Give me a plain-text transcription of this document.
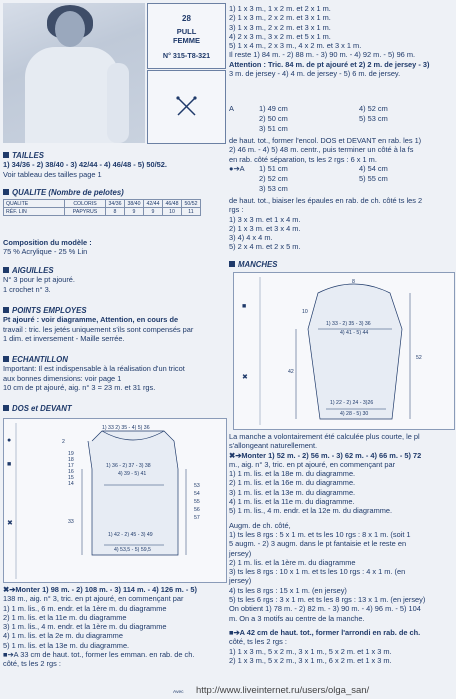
28
PULL
FEMME
N° 315-T8-321
TAILLES
1) 34/36 - 2) 38/40 - 3) 42/44 - 4) 46/48 - 5) 50/52.
Voir tableau des tailles page 1
QUALITE (Nombre de pelotes)
QUALITE	COLORIS	34/36	38/40	42/44	46/48	50/52
RÉF. LIN	PAPYRUS	8	9	9	10	11
Composition du modèle :
75 % Acrylique - 25 % Lin
AIGUILLES
N° 3 pour le pt ajouré.
1 crochet n° 3.
POINTS EMPLOYES
Pt ajouré : voir diagramme, Attention, en cours de
travail : tric. les jetés uniquement s'ils sont compensés par
1 dim. et inversement - Maille serrée.
ECHANTILLON
Important: Il est indispensable à la réalisation d'un tricot
aux bonnes dimensions: voir page 1
10 cm de pt ajouré, aig. n° 3 = 23 m. et 31 rgs.
DOS et DEVANT
✖➔Monter 1) 98 m. - 2) 108 m. - 3) 114 m. - 4) 126 m. - 5)
138 m., aig. n° 3, tric. en pt ajouré, en commençant par
1) 1 m. lis., 6 m. endr. et la 1ère m. du diagramme
2) 1 m. lis. et la 11e m. du diagramme
3) 1 m. lis., 4 m. endr. et la 1ère m. du diagramme
4) 1 m. lis. et la 2e m. du diagramme
5) 1 m. lis. et la 13e m. du diagramme.
■➔A 33 cm de haut. tot., former les emman. en rab. de ch.
côté, ts les 2 rgs :
Avec
●
■
✖
1) 33 2) 35 - 4) 5) 36
2
1) 36 - 2) 37 - 3) 38
4) 39 - 5) 41
1) 42 - 2) 45 - 3) 49
4) 53,5 - 5) 59,5
19
18
17
16
15
14	53
54
55
56
57
33
1) 1 x 3 m., 1 x 2 m. et 2 x 1 m.
2) 1 x 3 m., 2 x 2 m. et 3 x 1 m.
3) 1 x 3 m., 2 x 2 m. et 3 x 1 m.
4) 2 x 3 m., 3 x 2 m. et 5 x 1 m.
5) 1 x 4 m., 2 x 3 m., 4 x 2 m. et 3 x 1 m.
Il reste 1) 84 m. - 2) 88 m. - 3) 90 m. - 4) 92 m. - 5) 96 m.
Attention : Tric. 84 m. de pt ajouré et 2) 2 m. de jersey - 3)
3 m. de jersey - 4) 4 m. de jersey - 5) 6 m. de jersey.
A	1) 49 cm	4) 52 cm
2) 50 cm	5) 53 cm
3) 51 cm
de haut. tot., former l'encol. DOS et DEVANT en rab. les 1)
2) 46 m. - 4) 5) 48 m. centr., puis terminer un côté à la fs
en rab. côté séparation, ts les 2 rgs : 6 x 1 m.
●➔A 1) 51 cm	4) 54 cm
2) 52 cm	5) 55 cm
3) 53 cm
de haut. tot., biaiser les épaules en rab. de ch. côté ts les 2
rgs :
1) 3 x 3 m. et 1 x 4 m.
2) 1 x 3 m. et 3 x 4 m.
3) 4) 4 x 4 m.
5) 2 x 4 m. et 2 x 5 m.
MANCHES
La manche a volontairement été calculée plus courte, le pl
s'allongeant naturellement.
✖➔Monter 1) 52 m. - 2) 56 m. - 3) 62 m. - 4) 66 m. - 5) 72
m., aig. n° 3, tric. en pt ajouré, en commençant par
1) 1 m. lis. et la 18e m. du diagramme.
2) 1 m. lis. et la 16e m. du diagramme.
3) 1 m. lis. et la 13e m. du diagramme.
4) 1 m. lis. et la 11e m. du diagramme.
5) 1 m. lis., 4 m. endr. et la 12e m. du diagramme.
Augm. de ch. côté,
1) ts les 8 rgs : 5 x 1 m. et ts les 10 rgs : 8 x 1 m. (soit 1
5 augm. - 2) 3 augm. dans le pt fantaisie et le reste en
jersey)
2) 1 m. lis. et la 1ère m. du diagramme
3) ts les 8 rgs : 10 x 1 m. et ts les 10 rgs : 4 x 1 m. (en
jersey)
4) ts les 8 rgs : 15 x 1 m. (en jersey)
5) ts les 6 rgs : 3 x 1 m. et ts les 8 rgs : 13 x 1 m. (en jersey)
On obtient 1) 78 m. - 2) 82 m. - 3) 90 m. - 4) 96 m. - 5) 104
m. On a 3 motifs au centre de la manche.
■➔A 42 cm de haut. tot., former l'arrondi en rab. de ch.
côté, ts les 2 rgs :
1) 1 x 3 m., 5 x 2 m., 3 x 1 m., 5 x 2 m. et 1 x 3 m.
2) 1 x 3 m., 5 x 2 m., 3 x 1 m., 6 x 2 m. et 1 x 3 m.
■
✖
8
10
1) 33 - 2) 35 - 3) 36
4) 41 - 5) 44
42
52
1) 22 - 2) 24 - 3)26
4) 28 - 5) 30
http://www.liveinternet.ru/users/olga_san/
